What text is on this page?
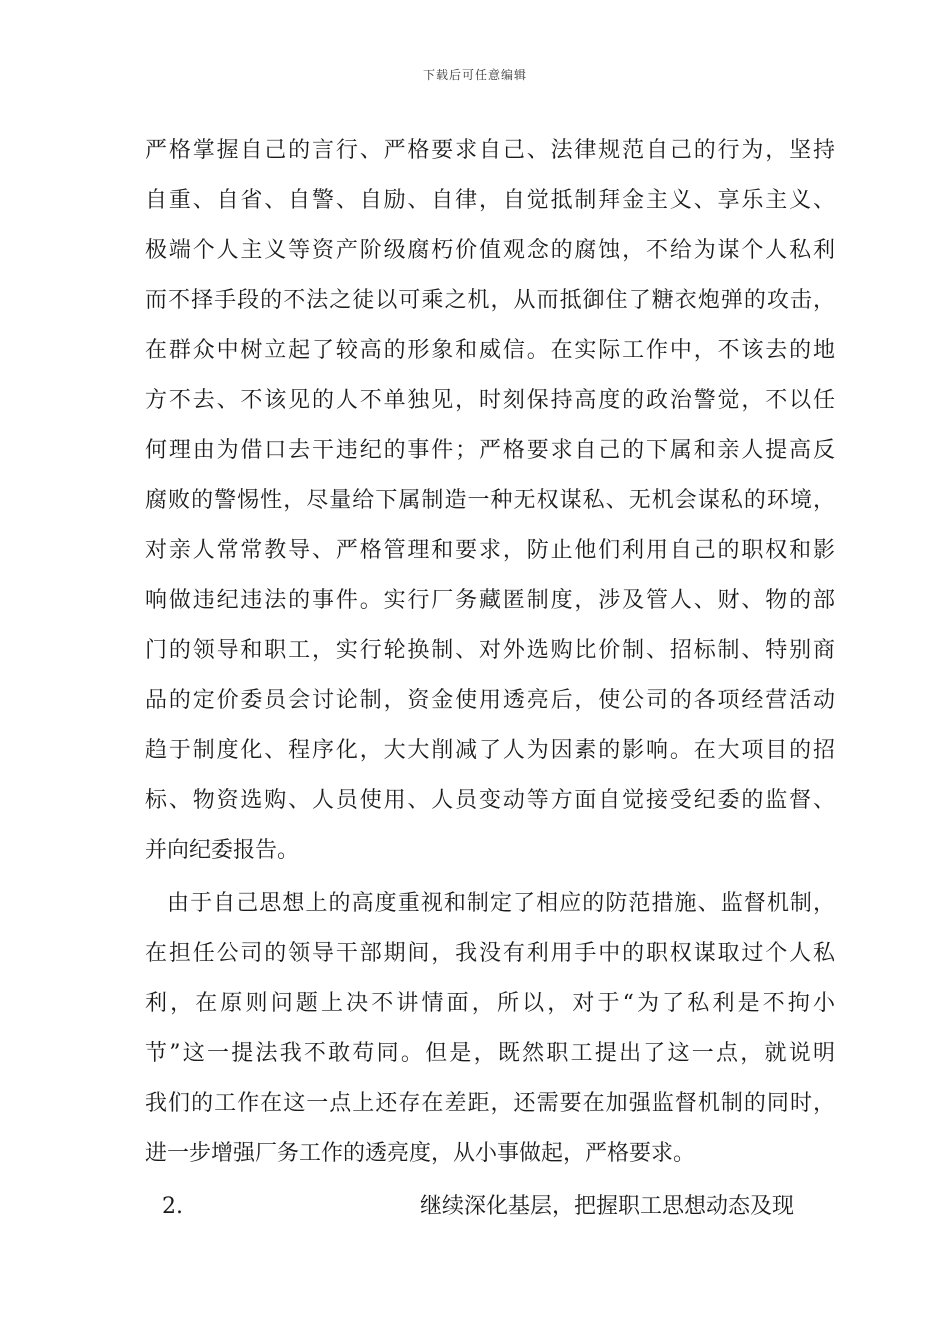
下载后可任意编辑
严格掌握自己的言行、严格要求自己、法律规范自己的行为，坚持
自重、自省、自警、自励、自律，自觉抵制拜金主义、享乐主义、
极端个人主义等资产阶级腐朽价值观念的腐蚀，不给为谋个人私利
而不择手段的不法之徒以可乘之机，从而抵御住了糖衣炮弹的攻击，
在群众中树立起了较高的形象和威信。在实际工作中，不该去的地
方不去、不该见的人不单独见，时刻保持高度的政治警觉，不以任
何理由为借口去干违纪的事件；严格要求自己的下属和亲人提高反
腐败的警惕性，尽量给下属制造一种无权谋私、无机会谋私的环境，
对亲人常常教导、严格管理和要求，防止他们利用自己的职权和影
响做违纪违法的事件。实行厂务藏匿制度，涉及管人、财、物的部
门的领导和职工，实行轮换制、对外选购比价制、招标制、特别商
品的定价委员会讨论制，资金使用透亮后，使公司的各项经营活动
趋于制度化、程序化，大大削减了人为因素的影响。在大项目的招
标、物资选购、人员使用、人员变动等方面自觉接受纪委的监督、
并向纪委报告。
由于自己思想上的高度重视和制定了相应的防范措施、监督机制，
在担任公司的领导干部期间，我没有利用手中的职权谋取过个人私
利，在原则问题上决不讲情面，所以，对于“为了私利是不拘小
节”这一提法我不敢苟同。但是，既然职工提出了这一点，就说明
我们的工作在这一点上还存在差距，还需要在加强监督机制的同时，
进一步增强厂务工作的透亮度，从小事做起，严格要求。
2.	继续深化基层，把握职工思想动态及现
